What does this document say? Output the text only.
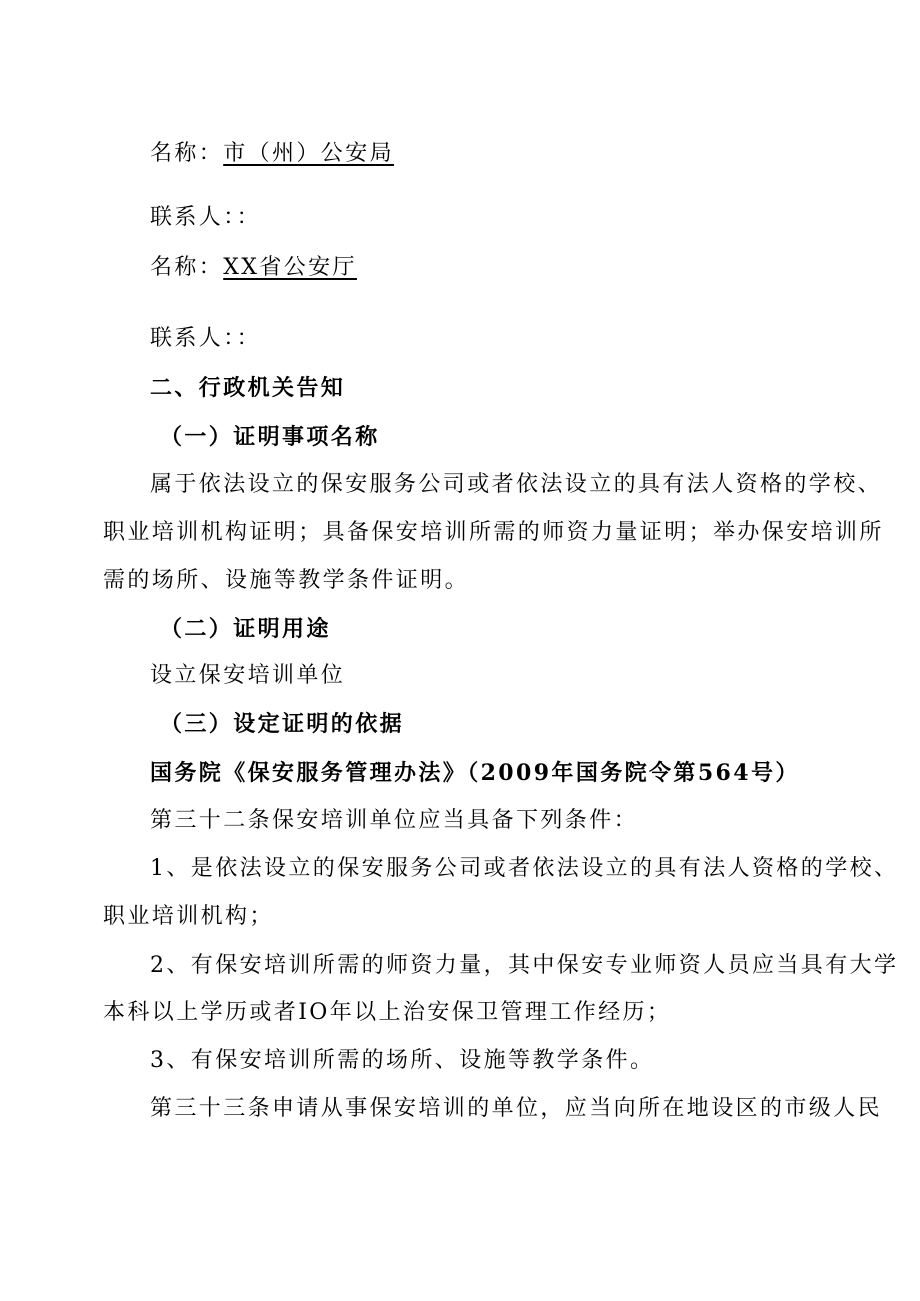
名称：市（州）公安局
联系人：：
名称：XX省公安厅
联系人：：
二、行政机关告知
（一）证明事项名称
属于依法设立的保安服务公司或者依法设立的具有法人资格的学校、
职业培训机构证明；具备保安培训所需的师资力量证明；举办保安培训所
需的场所、设施等教学条件证明。
（二）证明用途
设立保安培训单位
（三）设定证明的依据
国务院《保安服务管理办法》（2009年国务院令第564号）
第三十二条保安培训单位应当具备下列条件：
1、是依法设立的保安服务公司或者依法设立的具有法人资格的学校、
职业培训机构；
2、有保安培训所需的师资力量，其中保安专业师资人员应当具有大学
本科以上学历或者IO年以上治安保卫管理工作经历；
3、有保安培训所需的场所、设施等教学条件。
第三十三条申请从事保安培训的单位，应当向所在地设区的市级人民
